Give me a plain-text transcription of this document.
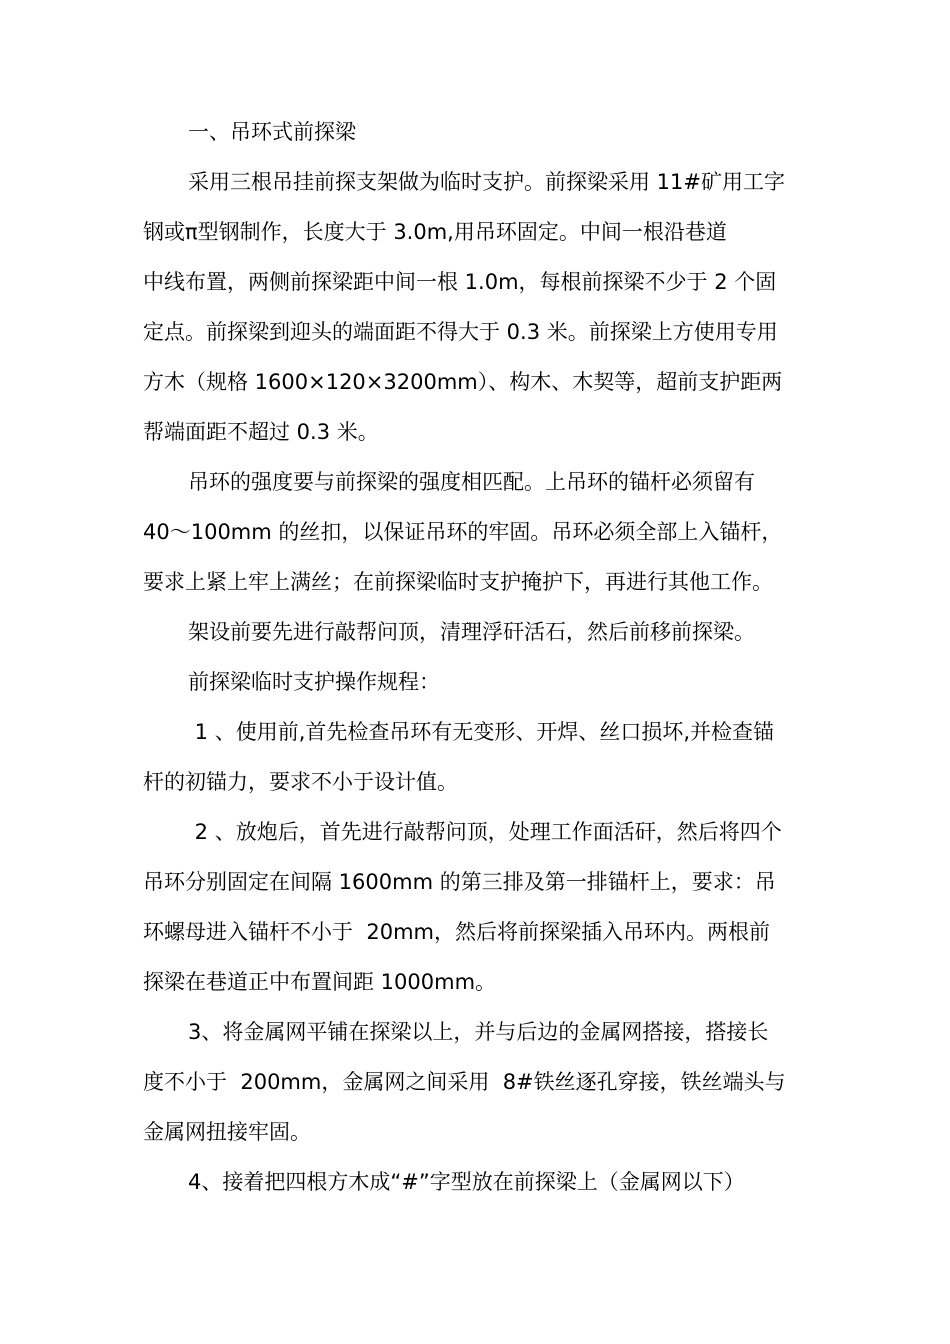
一、吊环式前探梁
采用三根吊挂前探支架做为临时支护。前探梁采用 11#矿用工字
钢或π型钢制作，长度大于 3.0m,用吊环固定。中间一根沿巷道
中线布置，两侧前探梁距中间一根 1.0m，每根前探梁不少于 2 个固
定点。前探梁到迎头的端面距不得大于 0.3 米。前探梁上方使用专用
方木（规格 1600×120×3200mm）、构木、木契等，超前支护距两
帮端面距不超过 0.3 米。
吊环的强度要与前探梁的强度相匹配。上吊环的锚杆必须留有
40～100mm 的丝扣，以保证吊环的牢固。吊环必须全部上入锚杆，
要求上紧上牢上满丝；在前探梁临时支护掩护下，再进行其他工作。
架设前要先进行敲帮问顶，清理浮矸活石，然后前移前探梁。
前探梁临时支护操作规程：
1 、使用前,首先检查吊环有无变形、开焊、丝口损坏,并检查锚
杆的初锚力，要求不小于设计值。
2 、放炮后，首先进行敲帮问顶，处理工作面活矸，然后将四个
吊环分别固定在间隔 1600mm 的第三排及第一排锚杆上，要求：吊
环螺母进入锚杆不小于  20mm，然后将前探梁插入吊环内。两根前
探梁在巷道正中布置间距 1000mm。
3、将金属网平铺在探梁以上，并与后边的金属网搭接，搭接长
度不小于  200mm，金属网之间采用  8#铁丝逐孔穿接，铁丝端头与
金属网扭接牢固。
4、接着把四根方木成“#”字型放在前探梁上（金属网以下）
